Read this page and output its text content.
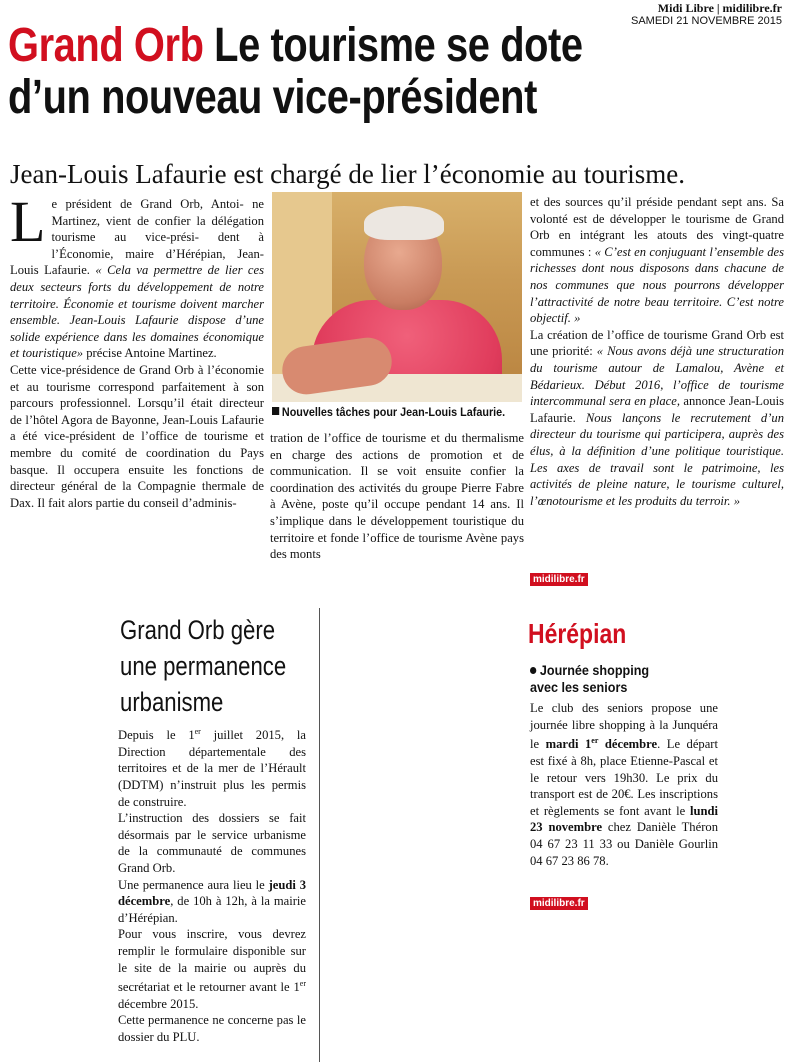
Midi Libre | midilibre.fr
SAMEDI 21 NOVEMBRE 2015
Grand Orb Le tourisme se dote
d’un nouveau vice-président
Jean-Louis Lafaurie est chargé de lier l’économie au tourisme.
L e président de Grand Orb, Antoi- ne Martinez, vient de confier la délégation tourisme au vice-prési- dent à l’Économie, maire d’Hérépian, Jean-Louis Lafaurie. « Cela va permettre de lier ces deux secteurs forts du développement de notre territoire. Économie et tourisme doivent marcher ensemble. Jean-Louis Lafaurie dispose d’une solide expérience dans les domaines économique et touristique» précise Antoine Martinez.

Cette vice-présidence de Grand Orb à l’économie et au tourisme correspond parfaitement à son parcours professionnel. Lorsqu’il était directeur de l’hôtel Agora de Bayonne, Jean-Louis Lafaurie a été vice-président de l’office de tourisme et membre du comité de coordination du Pays basque. Il occupera ensuite les fonctions de directeur général de la Compagnie thermale de Dax. Il fait alors partie du conseil d’adminis-

Nouvelles tâches pour Jean-Louis Lafaurie.

tration de l’office de tourisme et du thermalisme en charge des actions de promotion et de communication. Il se voit ensuite confier la coordination des activités du groupe Pierre Fabre à Avène, poste qu’il occupe pendant 14 ans. Il s’implique dans le développement touristique du territoire et fonde l’office de tourisme Avène pays des monts

et des sources qu’il préside pendant sept ans. Sa volonté est de développer le tourisme de Grand Orb en intégrant les atouts des vingt-quatre communes : « C’est en conjuguant l’ensemble des richesses dont nous disposons dans chacune de nos communes que nous pourrons développer l’attractivité de notre beau territoire. C’est notre objectif. »

La création de l’office de tourisme Grand Orb est une priorité: « Nous avons déjà une structuration du tourisme autour de Lamalou, Avène et Bédarieux. Début 2016, l’office de tourisme intercommunal sera en place, annonce Jean-Louis Lafaurie. Nous lançons le recrutement d’un directeur du tourisme qui participera, auprès des élus, à la définition d’une politique touristique. Les axes de travail sont le patrimoine, les activités de pleine nature, le tourisme culturel, l’œnotourisme et les produits du terroir. »

midilibre.fr
Grand Orb gère
une permanence
urbanisme

Depuis le 1er juillet 2015, la Direction départementale des territoires et de la mer de l’Hérault (DDTM) n’instruit plus les permis de construire.

L’instruction des dossiers se fait désormais par le service urbanisme de la communauté de communes Grand Orb.

Une permanence aura lieu le jeudi 3 décembre, de 10h à 12h, à la mairie d’Hérépian.

Pour vous inscrire, vous devrez remplir le formulaire disponible sur le site de la mairie ou auprès du secrétariat et le retourner avant le 1er décembre 2015.

Cette permanence ne concerne pas le dossier du PLU.

Hérépian
Journée shopping
avec les seniors

Le club des seniors propose une journée libre shopping à la Junquéra le mardi 1er décembre. Le départ est fixé à 8h, place Etienne-Pascal et le retour vers 19h30. Le prix du transport est de 20€. Les inscriptions et règlements se font avant le lundi 23 novembre chez Danièle Théron 04 67 23 11 33 ou Danièle Gourlin 04 67 23 86 78.

midilibre.fr
